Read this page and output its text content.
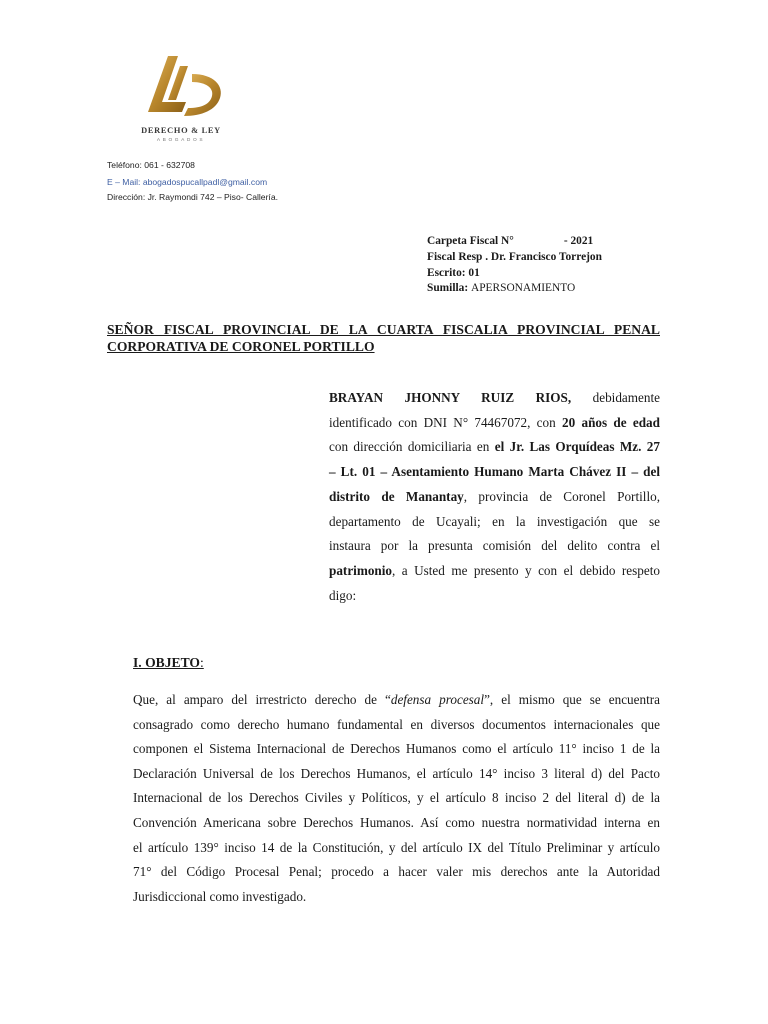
DERECHO & LEY
ABOGADOS
Teléfono: 061 - 632708
E – Mail: abogadospucallpadl@gmail.com
Dirección: Jr. Raymondi 742 – Piso- Callería.
Carpeta Fiscal N°	- 2021
Fiscal Resp . Dr. Francisco Torrejon
Escrito: 01
Sumilla: APERSONAMIENTO
SEÑOR FISCAL PROVINCIAL DE LA CUARTA FISCALIA PROVINCIAL PENAL
CORPORATIVA DE CORONEL PORTILLO
BRAYAN JHONNY RUIZ RIOS, debidamente
identificado con DNI N° 74467072, con 20 años de edad
con dirección domiciliaria en el Jr. Las Orquídeas Mz. 27
– Lt. 01 – Asentamiento Humano Marta Chávez II – del
distrito de Manantay, provincia de Coronel Portillo,
departamento de Ucayali; en la investigación que se
instaura por la presunta comisión del delito contra el
patrimonio, a Usted me presento y con el debido respeto
digo:
I. OBJETO:
Que, al amparo del irrestricto derecho de “defensa procesal”, el mismo que se encuentra
consagrado como derecho humano fundamental en diversos documentos internacionales que
componen el Sistema Internacional de Derechos Humanos como el artículo 11° inciso 1 de la
Declaración Universal de los Derechos Humanos, el artículo 14° inciso 3 literal d) del Pacto
Internacional de los Derechos Civiles y Políticos, y el artículo 8 inciso 2 del literal d) de la
Convención Americana sobre Derechos Humanos. Así como nuestra normatividad interna en
el artículo 139° inciso 14 de la Constitución, y del artículo IX del Título Preliminar y artículo
71° del Código Procesal Penal; procedo a hacer valer mis derechos ante la Autoridad
Jurisdiccional como investigado.
